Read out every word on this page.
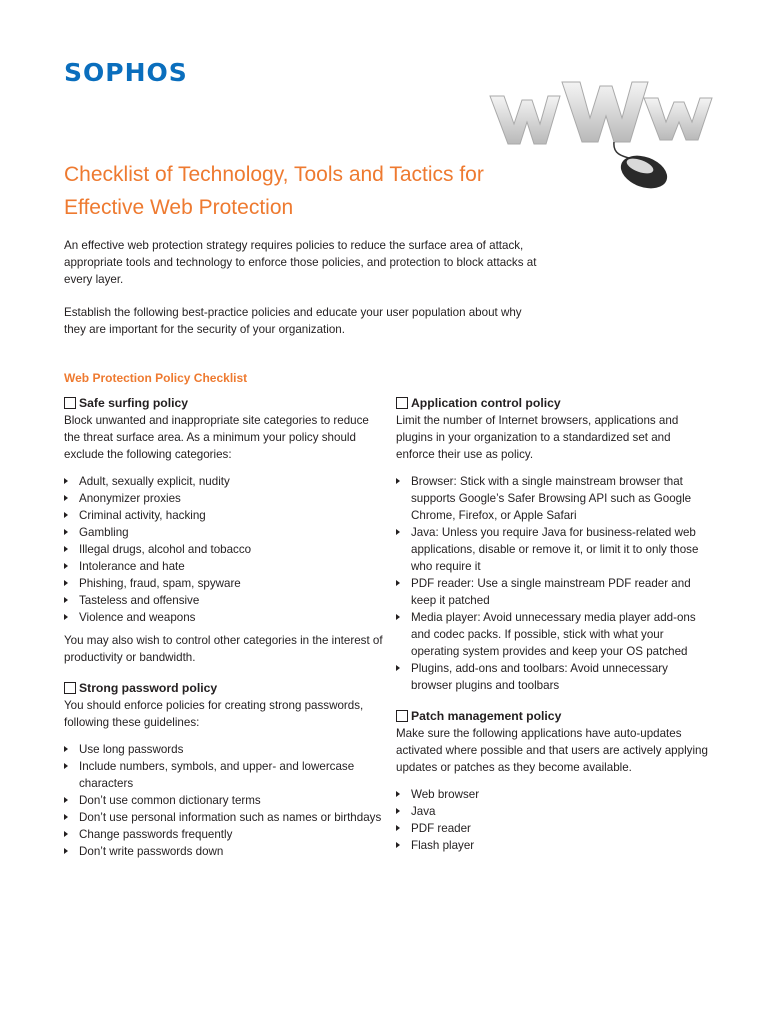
SOPHOS
Checklist of Technology, Tools and Tactics for Effective Web Protection

An effective web protection strategy requires policies to reduce the surface area of attack, appropriate tools and technology to enforce those policies, and protection to block attacks at every layer.

Establish the following best-practice policies and educate your user population about why they are important for the security of your organization.

Web Protection Policy Checklist
Safe surfing policy

Block unwanted and inappropriate site categories to reduce the threat surface area. As a minimum your policy should exclude the following categories:

Adult, sexually explicit, nudity
Anonymizer proxies
Criminal activity, hacking
Gambling
Illegal drugs, alcohol and tobacco
Intolerance and hate
Phishing, fraud, spam, spyware
Tasteless and offensive
Violence and weapons

You may also wish to control other categories in the interest of productivity or bandwidth.

Strong password policy

You should enforce policies for creating strong passwords, following these guidelines:

Use long passwords
Include numbers, symbols, and upper- and lowercase characters
Don’t use common dictionary terms
Don’t use personal information such as names or birthdays
Change passwords frequently
Don’t write passwords down
Application control policy

Limit the number of Internet browsers, applications and plugins in your organization to a standardized set and enforce their use as policy.

Browser: Stick with a single mainstream browser that supports Google’s Safer Browsing API such as Google Chrome, Firefox, or Apple Safari
Java: Unless you require Java for business-related web applications, disable or remove it, or limit it to only those who require it
PDF reader: Use a single mainstream PDF reader and keep it patched
Media player: Avoid unnecessary media player add-ons and codec packs. If possible, stick with what your operating system provides and keep your OS patched
Plugins, add-ons and toolbars: Avoid unnecessary browser plugins and toolbars
Patch management policy

Make sure the following applications have auto-updates activated where possible and that users are actively applying updates or patches as they become available.

Web browser
Java
PDF reader
Flash player
